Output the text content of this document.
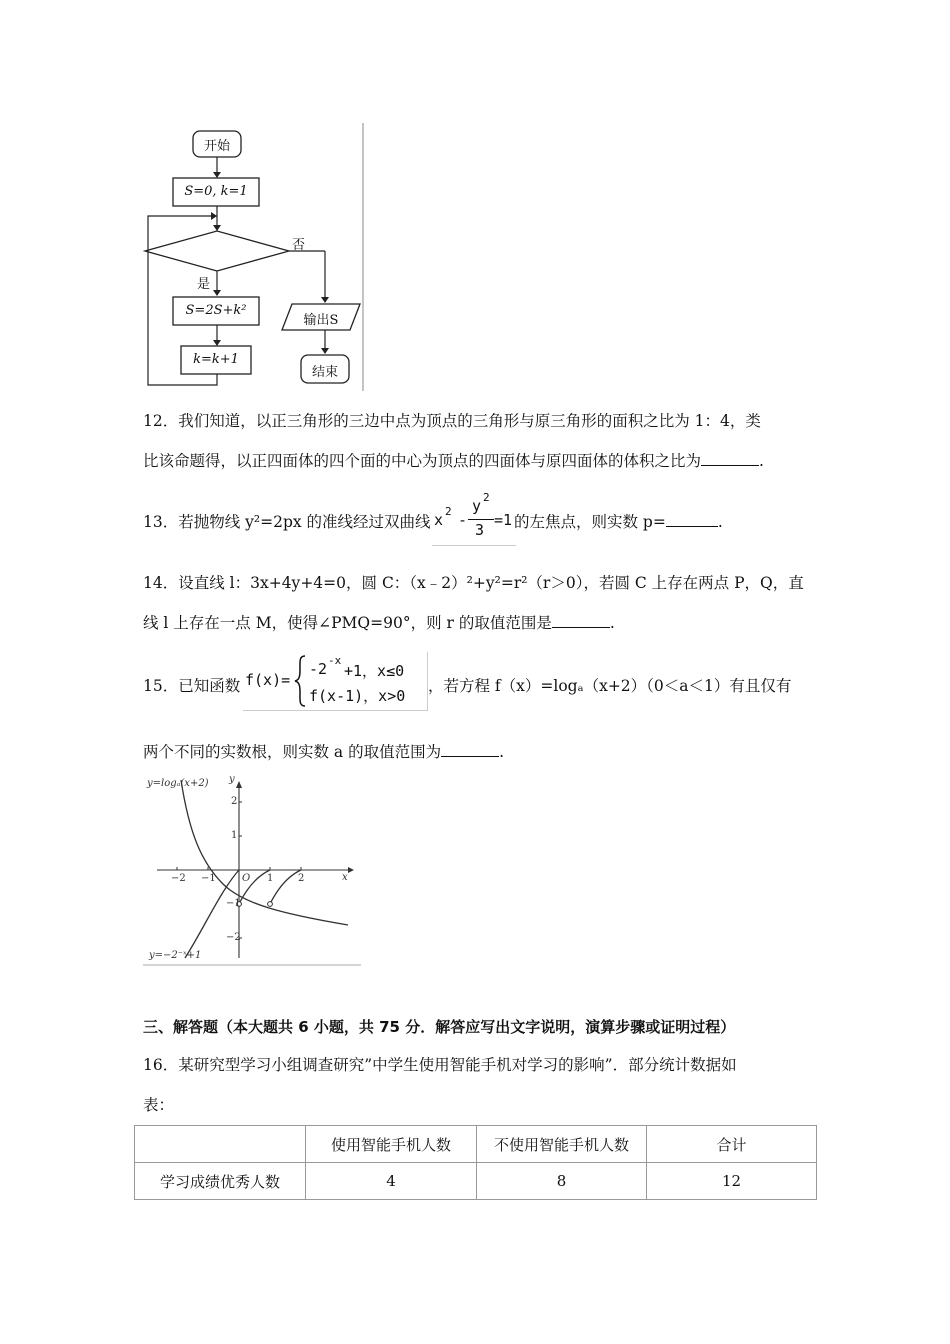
开始
S=0, k=1
否
是
S=2S+k²
k=k+1
输出S
结束
12．我们知道，以正三角形的三边中点为顶点的三角形与原三角形的面积之比为 1：4，类
比该命题得，以正四面体的四个面的中心为顶点的四面体与原四面体的体积之比为	.
13．若抛物线 y²=2px 的准线经过双曲线 x 2 -
y 2
3
=1 的左焦点，则实数 p=	.
14．设直线 l：3x+4y+4=0，圆 C：（x﹣2）²+y²=r²（r＞0），若圆 C 上存在两点 P，Q，直
线 l 上存在一点 M，使得∠PMQ=90°，则 r 的取值范围是	.
15．已知函数 f(x)=
-2 -x
+1，x≤0
f(x-1)，x>0
，若方程 f（x）=logₐ（x+2）（0＜a＜1）有且仅有
两个不同的实数根，则实数 a 的取值范围为	.
y=logₐ(x+2)
y=−2⁻ˣ+1
−2 −1	O 1 2	x
y
2
1
−1
−2
三、解答题（本大题共 6 小题，共 75 分．解答应写出文字说明，演算步骤或证明过程）
16．某研究型学习小组调查研究”中学生使用智能手机对学习的影响”．部分统计数据如
表：
	使用智能手机人数	不使用智能手机人数	合计
学习成绩优秀人数	4	8	12
